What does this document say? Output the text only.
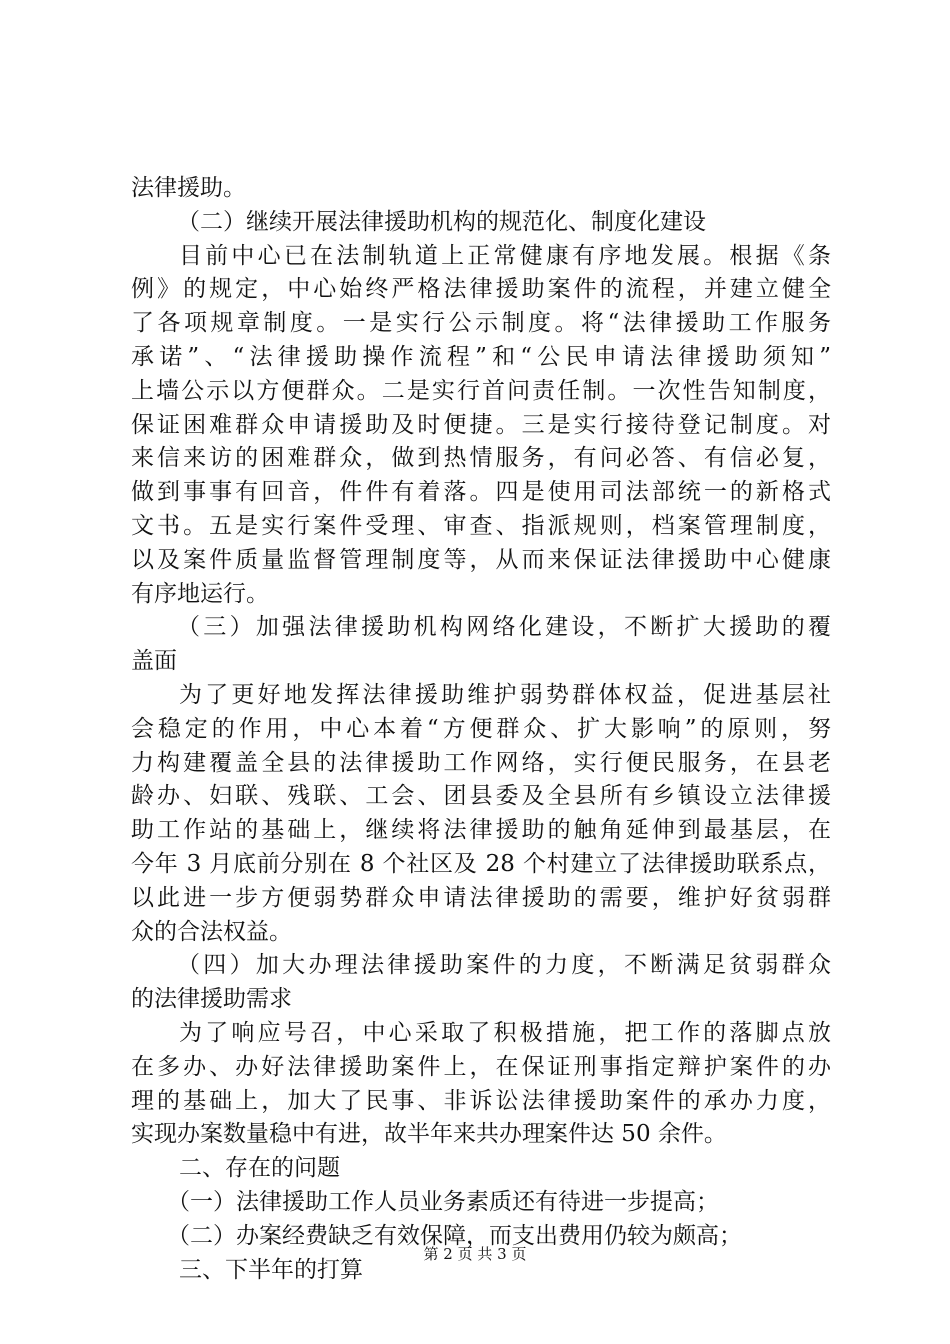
法律援助。
（二）继续开展法律援助机构的规范化、制度化建设
目前中心已在法制轨道上正常健康有序地发展。根据《条
例》的规定，中心始终严格法律援助案件的流程，并建立健全
了各项规章制度。一是实行公示制度。将“法律援助工作服务
承诺”、“法律援助操作流程”和“公民申请法律援助须知”
上墙公示以方便群众。二是实行首问责任制。一次性告知制度，
保证困难群众申请援助及时便捷。三是实行接待登记制度。对
来信来访的困难群众，做到热情服务，有问必答、有信必复，
做到事事有回音，件件有着落。四是使用司法部统一的新格式
文书。五是实行案件受理、审查、指派规则，档案管理制度，
以及案件质量监督管理制度等，从而来保证法律援助中心健康
有序地运行。
（三）加强法律援助机构网络化建设，不断扩大援助的覆
盖面
为了更好地发挥法律援助维护弱势群体权益，促进基层社
会稳定的作用，中心本着“方便群众、扩大影响”的原则，努
力构建覆盖全县的法律援助工作网络，实行便民服务，在县老
龄办、妇联、残联、工会、团县委及全县所有乡镇设立法律援
助工作站的基础上，继续将法律援助的触角延伸到最基层，在
今年 3 月底前分别在 8 个社区及 28 个村建立了法律援助联系点，
以此进一步方便弱势群众申请法律援助的需要，维护好贫弱群
众的合法权益。
（四）加大办理法律援助案件的力度，不断满足贫弱群众
的法律援助需求
为了响应号召，中心采取了积极措施，把工作的落脚点放
在多办、办好法律援助案件上，在保证刑事指定辩护案件的办
理的基础上，加大了民事、非诉讼法律援助案件的承办力度，
实现办案数量稳中有进，故半年来共办理案件达 50 余件。
二、存在的问题
（一）法律援助工作人员业务素质还有待进一步提高；
（二）办案经费缺乏有效保障，而支出费用仍较为颇高；
三、下半年的打算
第 2 页 共 3 页
